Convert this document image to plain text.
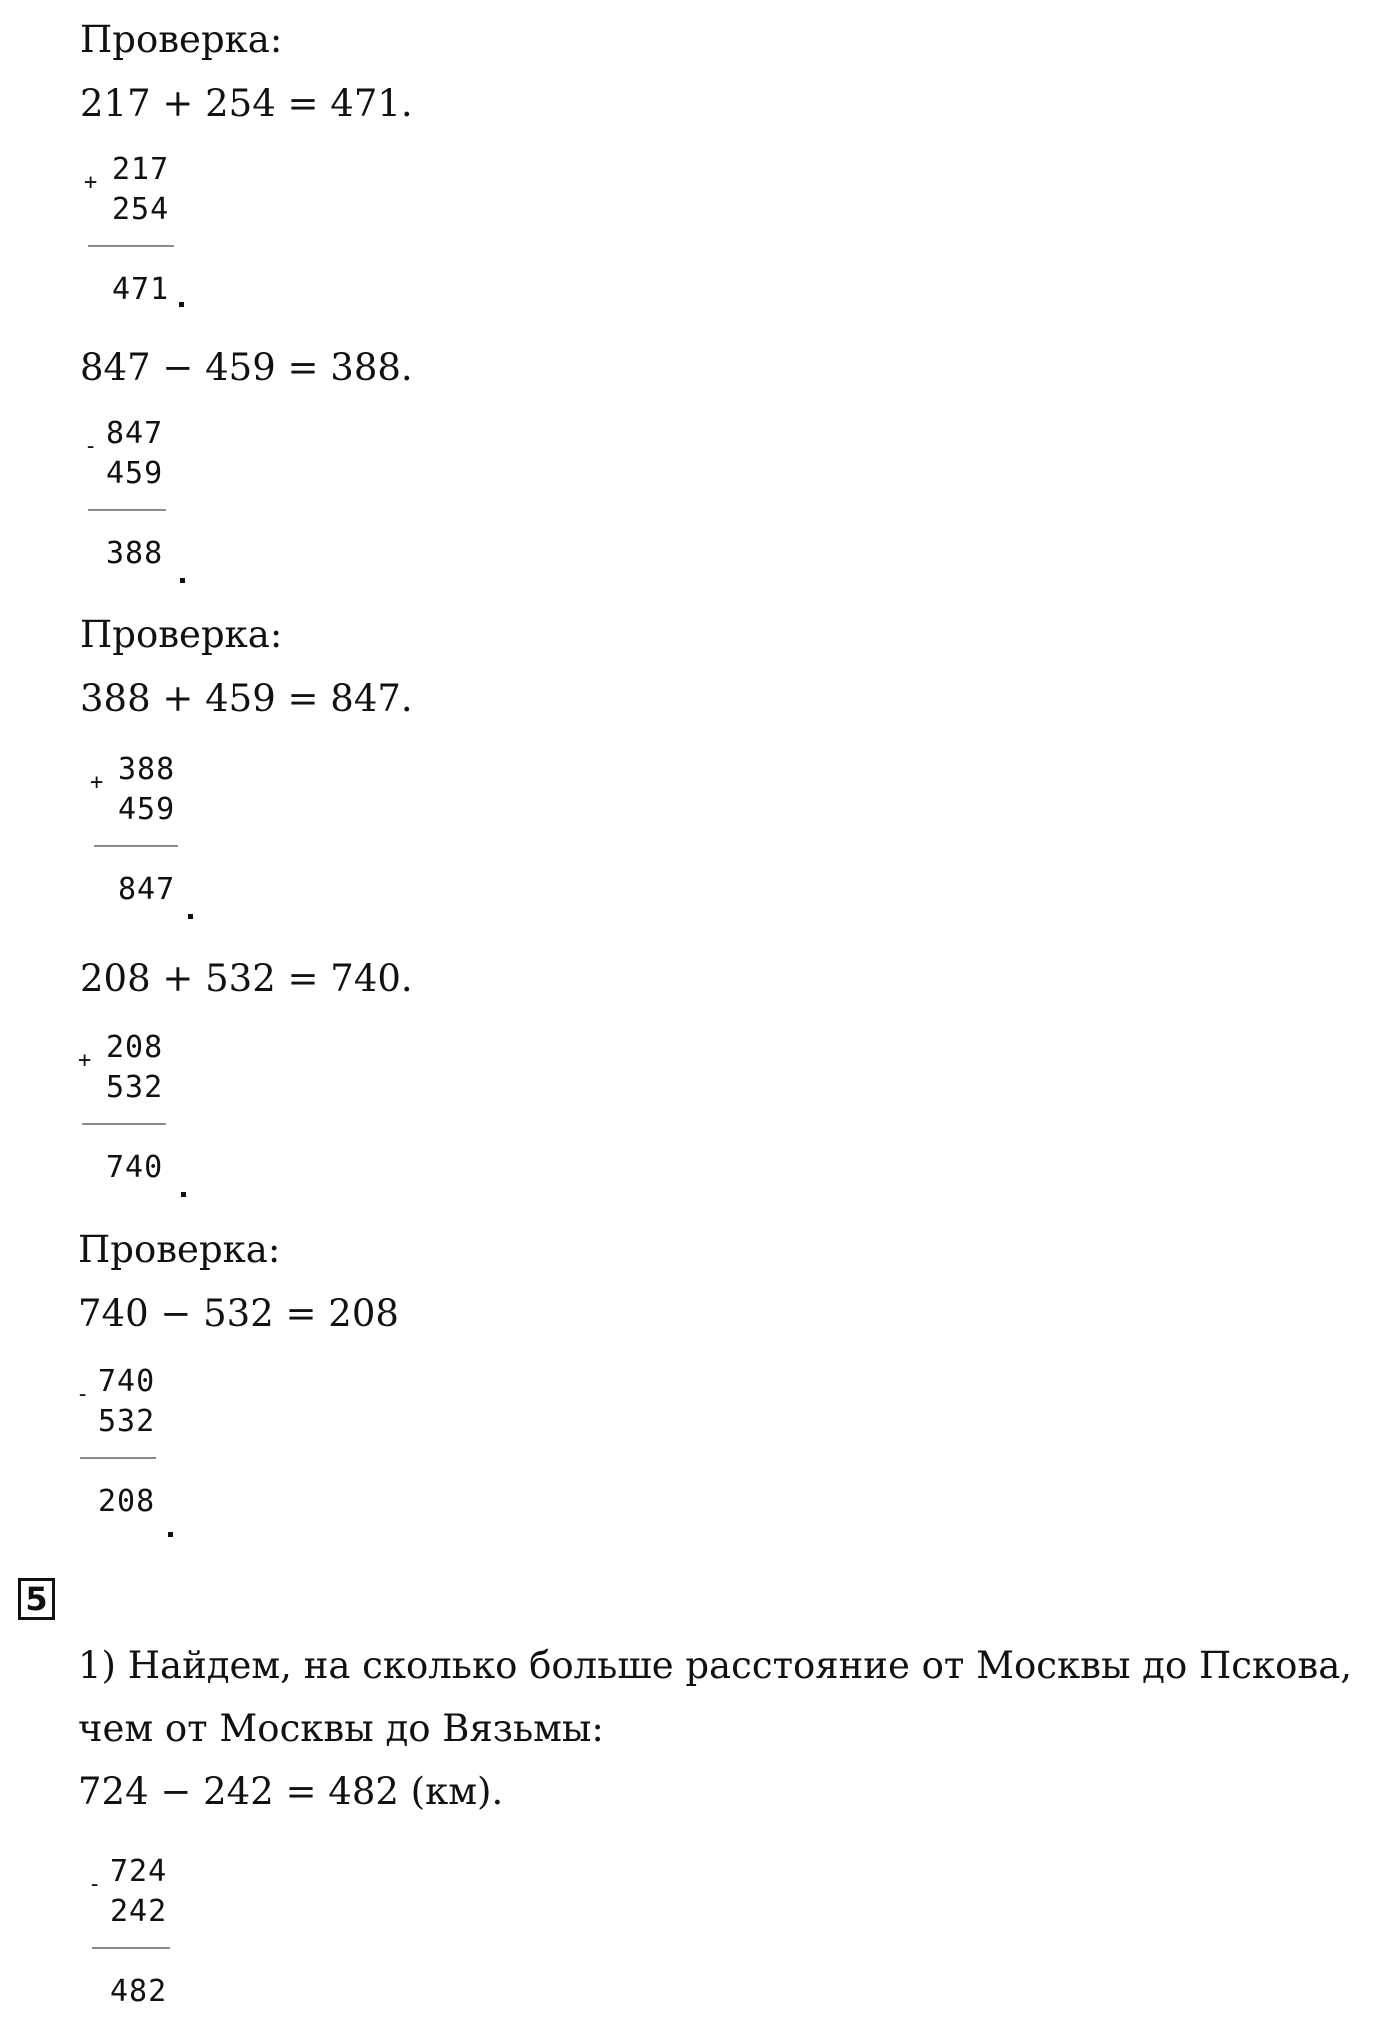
Проверка:
217 + 254 = 471.
847 − 459 = 388.
Проверка:
388 + 459 = 847.
208 + 532 = 740.
Проверка:
740 − 532 = 208
5
1) Найдем, на сколько больше расстояние от Москвы до Пскова,
чем от Москвы до Вязьмы:
724 − 242 = 482 (км).
+ 217
254
471
- 847
459
388
+ 388
459
847
+ 208
532
740
- 740
532
208
- 724
242
482
